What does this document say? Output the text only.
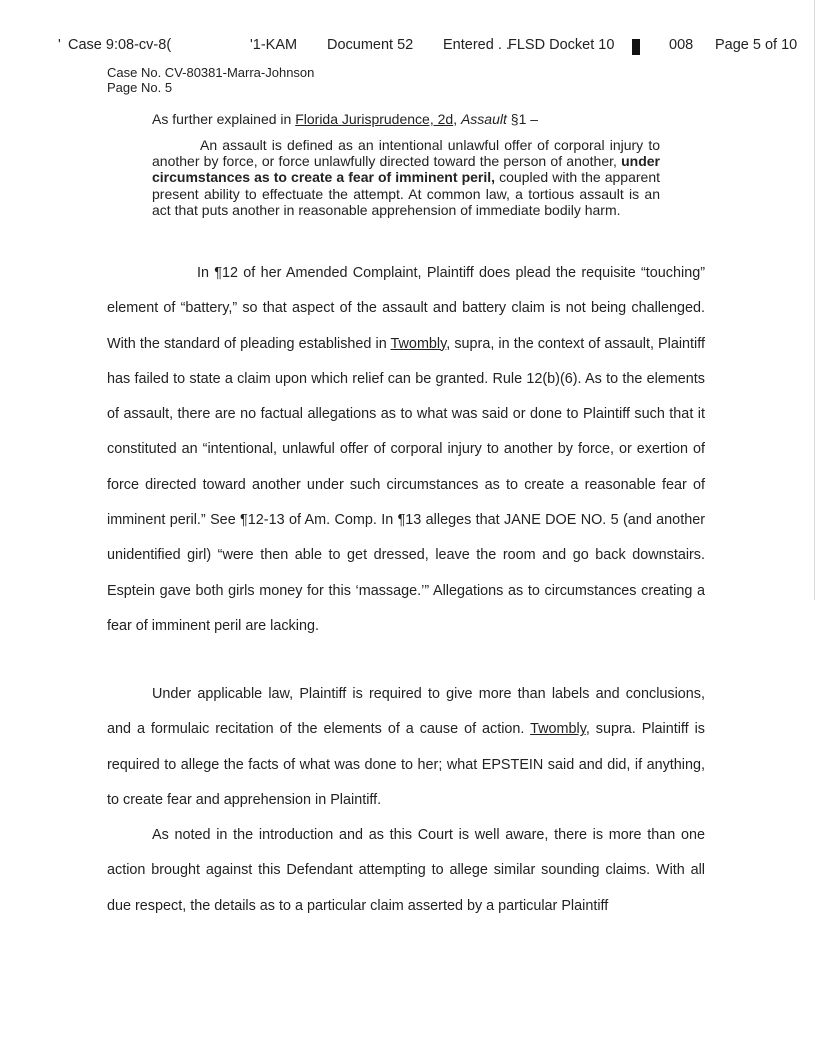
' Case 9:08-cv-8(	'1-KAM Document 52 Entered . .
FLSD Docket 10	008 Page 5 of 10
Case No. CV-80381-Marra-Johnson
Page No. 5
As further explained in Florida Jurisprudence, 2d, Assault §1 –
An assault is defined as an intentional unlawful offer of corporal injury to another by force, or force unlawfully directed toward the person of another, under circumstances as to create a fear of imminent peril, coupled with the apparent present ability to effectuate the attempt. At common law, a tortious assault is an act that puts another in reasonable apprehension of immediate bodily harm.
In ¶12 of her Amended Complaint, Plaintiff does plead the requisite “touching” element of “battery,” so that aspect of the assault and battery claim is not being challenged. With the standard of pleading established in Twombly, supra, in the context of assault, Plaintiff has failed to state a claim upon which relief can be granted. Rule 12(b)(6). As to the elements of assault, there are no factual allegations as to what was said or done to Plaintiff such that it constituted an “intentional, unlawful offer of corporal injury to another by force, or exertion of force directed toward another under such circumstances as to create a reasonable fear of imminent peril.” See ¶12-13 of Am. Comp. In ¶13 alleges that JANE DOE NO. 5 (and another unidentified girl) “were then able to get dressed, leave the room and go back downstairs. Esptein gave both girls money for this ‘massage.’” Allegations as to circumstances creating a fear of imminent peril are lacking.
Under applicable law, Plaintiff is required to give more than labels and conclusions, and a formulaic recitation of the elements of a cause of action. Twombly, supra. Plaintiff is required to allege the facts of what was done to her; what EPSTEIN said and did, if anything, to create fear and apprehension in Plaintiff.
As noted in the introduction and as this Court is well aware, there is more than one action brought against this Defendant attempting to allege similar sounding claims. With all due respect, the details as to a particular claim asserted by a particular Plaintiff
